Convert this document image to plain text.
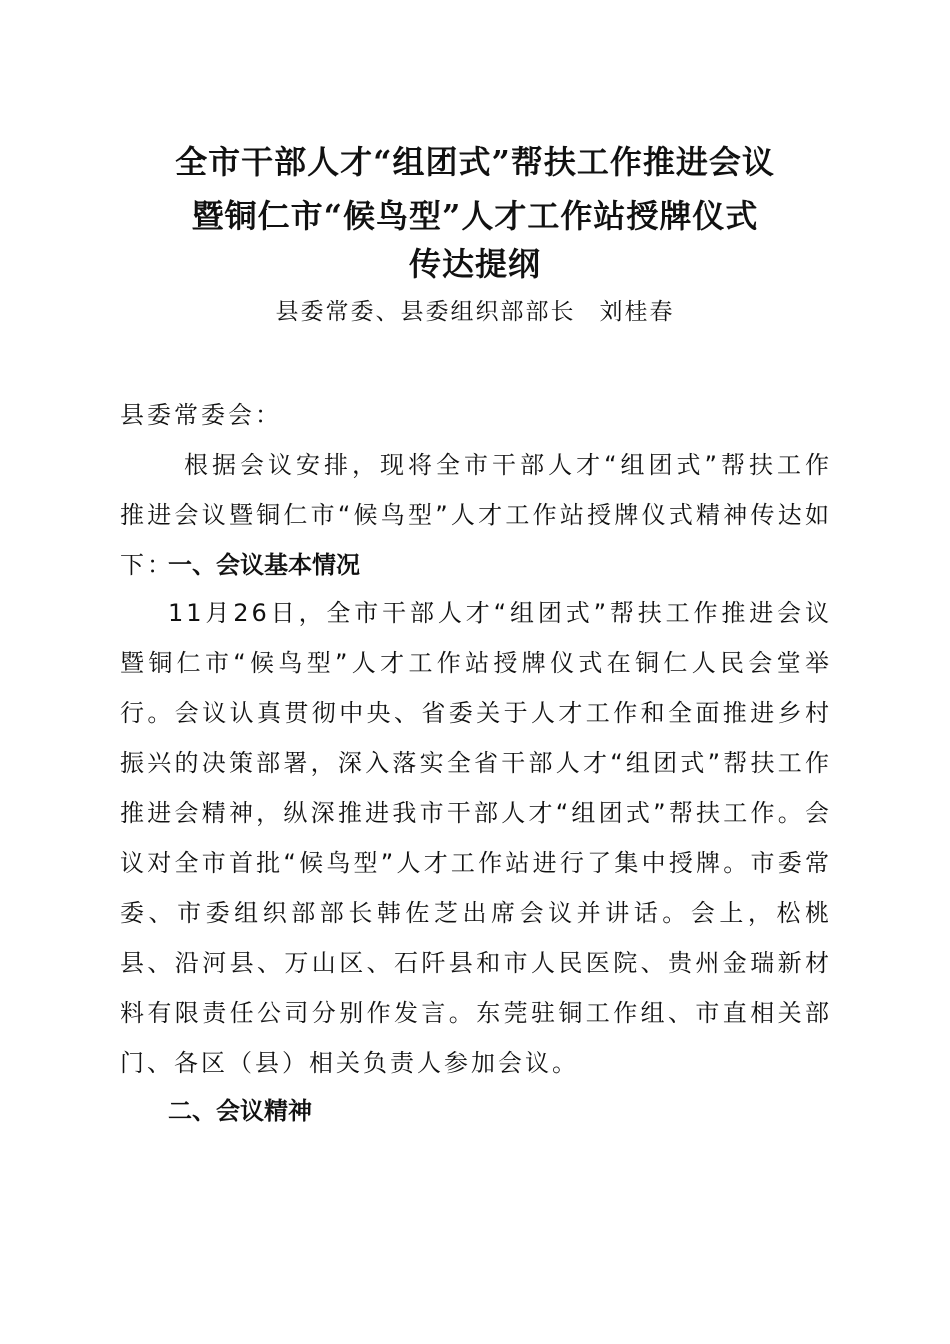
全市干部人才“组团式”帮扶工作推进会议
暨铜仁市“候鸟型”人才工作站授牌仪式
传达提纲
县委常委、县委组织部部长 刘桂春
县委常委会：
根据会议安排，现将全市干部人才“组团式”帮扶工作推进会议暨铜仁市“候鸟型”人才工作站授牌仪式精神传达如下：
一、会议基本情况
11月26日，全市干部人才“组团式”帮扶工作推进会议暨铜仁市“候鸟型”人才工作站授牌仪式在铜仁人民会堂举行。会议认真贯彻中央、省委关于人才工作和全面推进乡村振兴的决策部署，深入落实全省干部人才“组团式”帮扶工作推进会精神，纵深推进我市干部人才“组团式”帮扶工作。会议对全市首批“候鸟型”人才工作站进行了集中授牌。市委常委、市委组织部部长韩佐芝出席会议并讲话。会上，松桃县、沿河县、万山区、石阡县和市人民医院、贵州金瑞新材料有限责任公司分别作发言。东莞驻铜工作组、市直相关部门、各区（县）相关负责人参加会议。
二、会议精神
